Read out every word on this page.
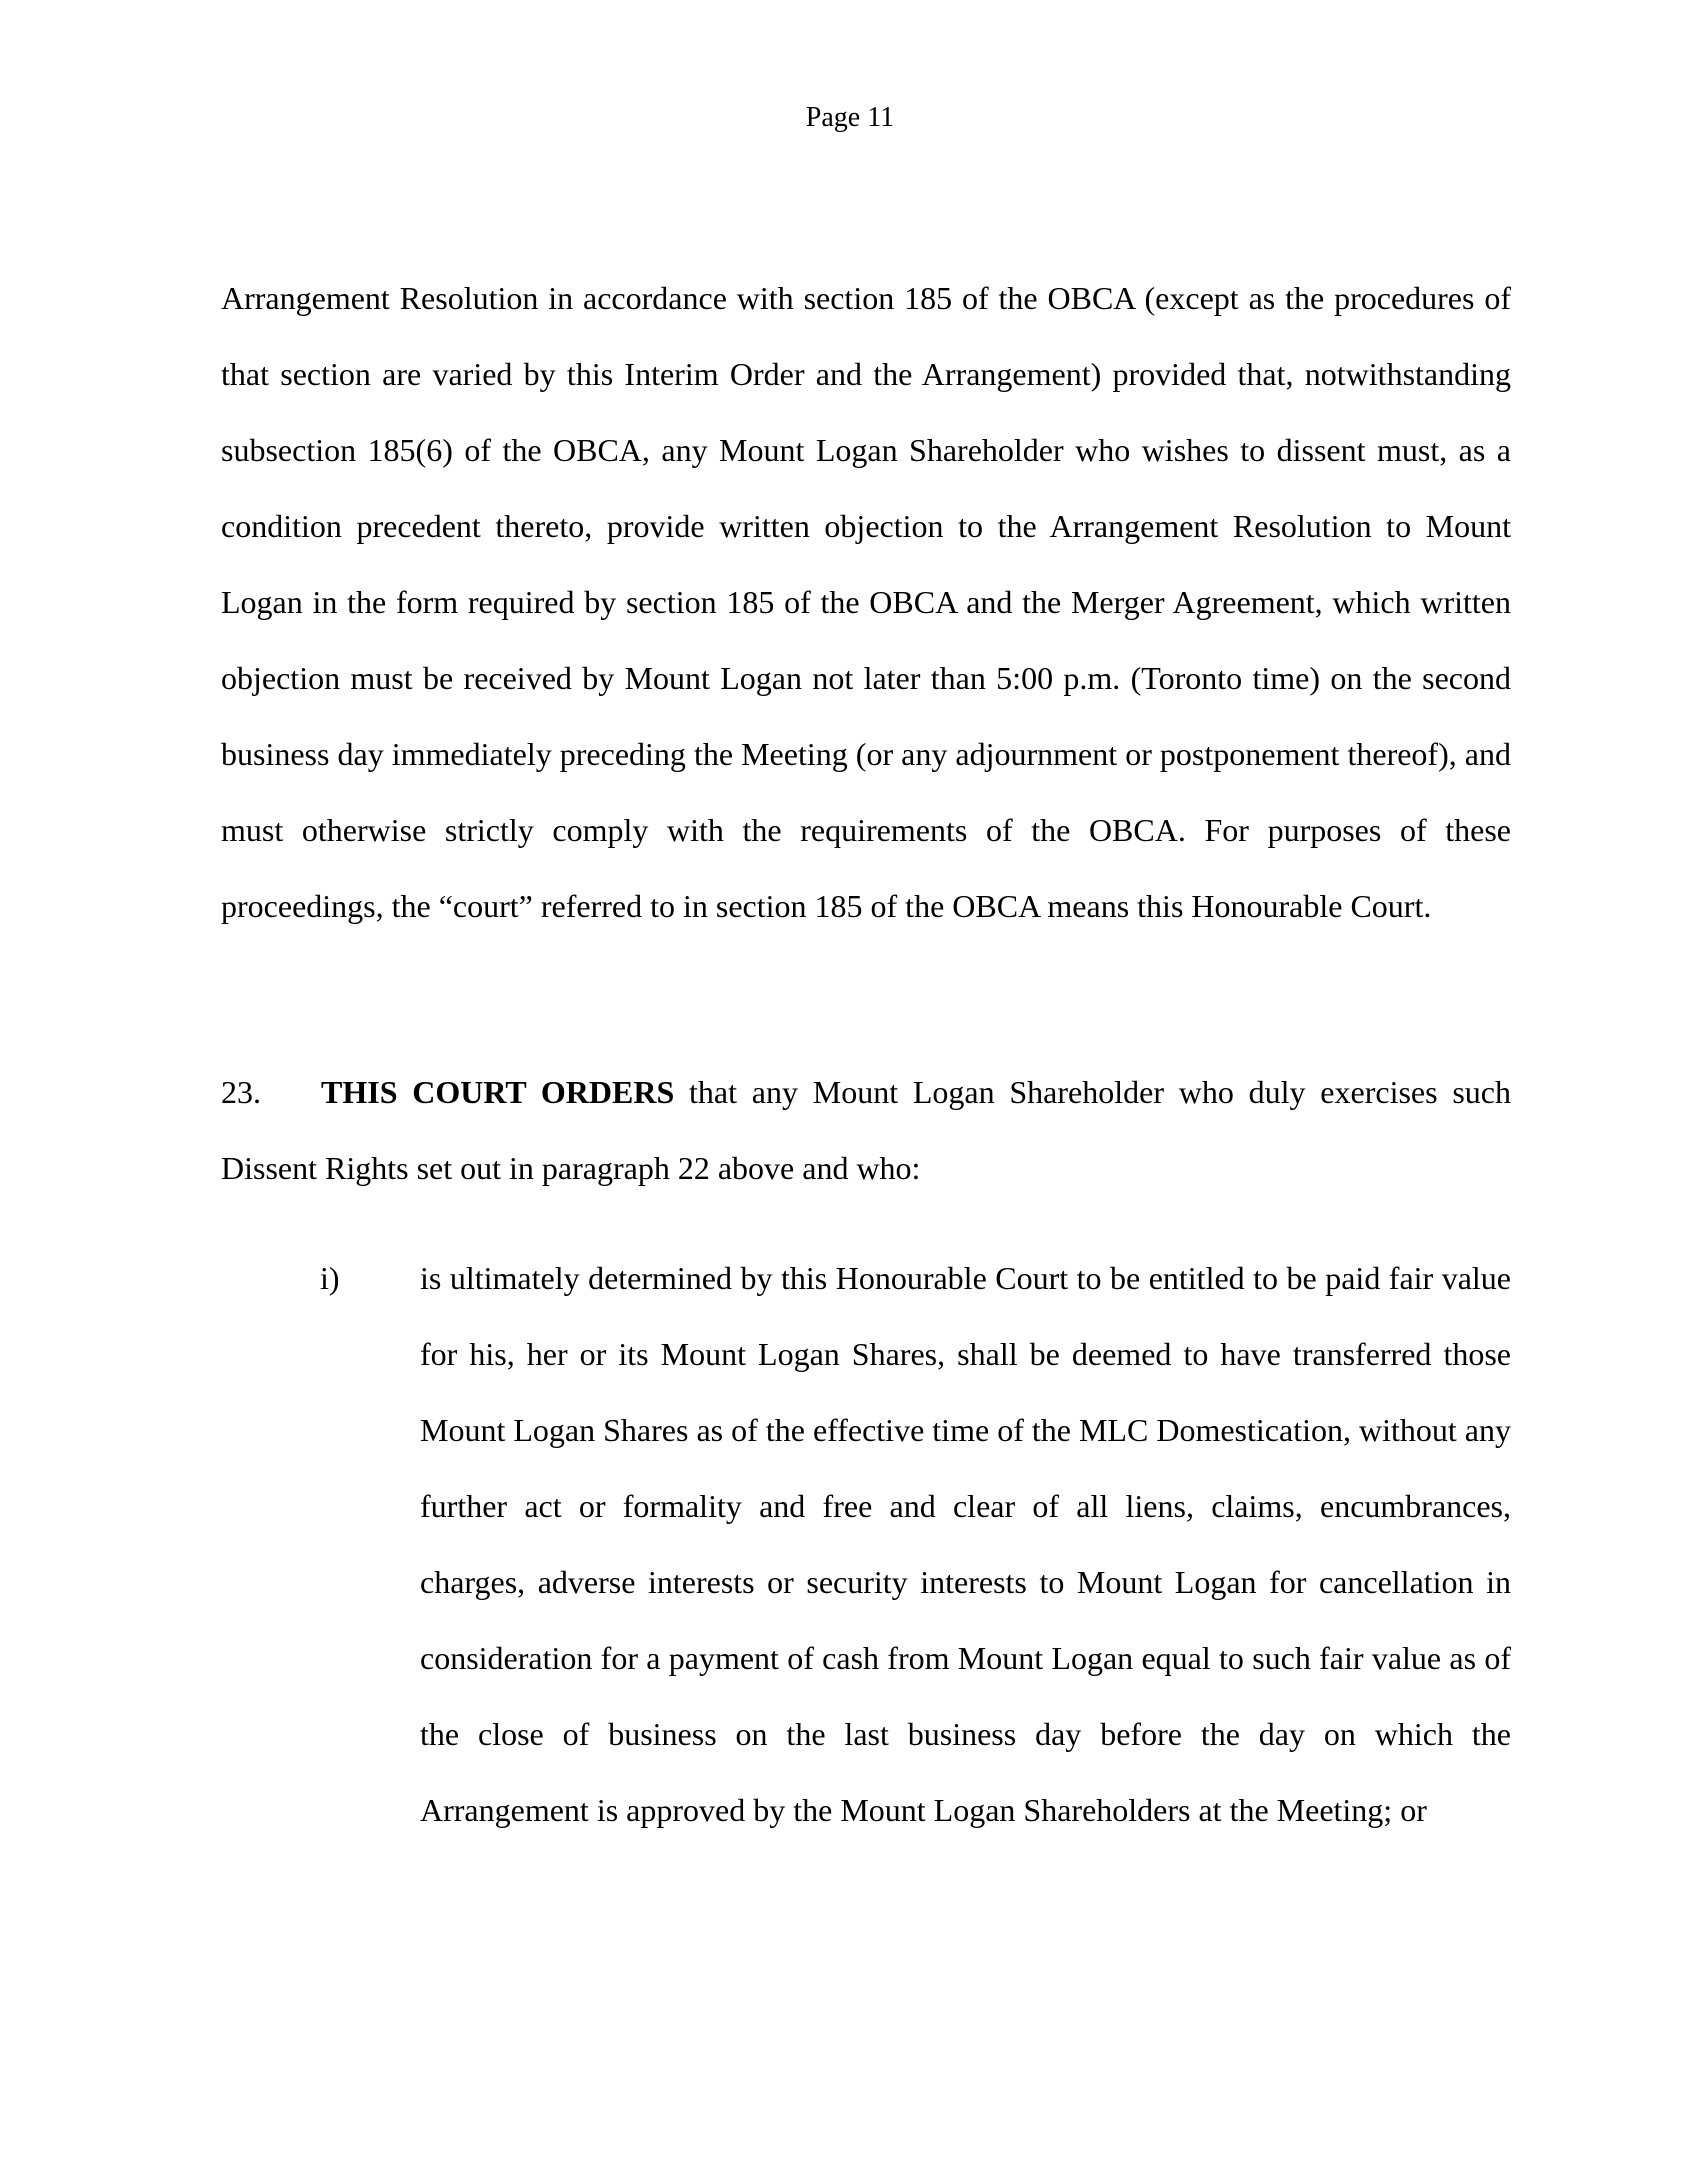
Page 11

Arrangement Resolution in accordance with section 185 of the OBCA (except as the procedures of that section are varied by this Interim Order and the Arrangement) provided that, notwithstanding subsection 185(6) of the OBCA, any Mount Logan Shareholder who wishes to dissent must, as a condition precedent thereto, provide written objection to the Arrangement Resolution to Mount Logan in the form required by section 185 of the OBCA and the Merger Agreement, which written objection must be received by Mount Logan not later than 5:00 p.m. (Toronto time) on the second business day immediately preceding the Meeting (or any adjournment or postponement thereof), and must otherwise strictly comply with the requirements of the OBCA. For purposes of these proceedings, the “court” referred to in section 185 of the OBCA means this Honourable Court.

23. THIS COURT ORDERS that any Mount Logan Shareholder who duly exercises such Dissent Rights set out in paragraph 22 above and who:

i)	is ultimately determined by this Honourable Court to be entitled to be paid fair value for his, her or its Mount Logan Shares, shall be deemed to have transferred those Mount Logan Shares as of the effective time of the MLC Domestication, without any further act or formality and free and clear of all liens, claims, encumbrances, charges, adverse interests or security interests to Mount Logan for cancellation in consideration for a payment of cash from Mount Logan equal to such fair value as of the close of business on the last business day before the day on which the Arrangement is approved by the Mount Logan Shareholders at the Meeting; or
